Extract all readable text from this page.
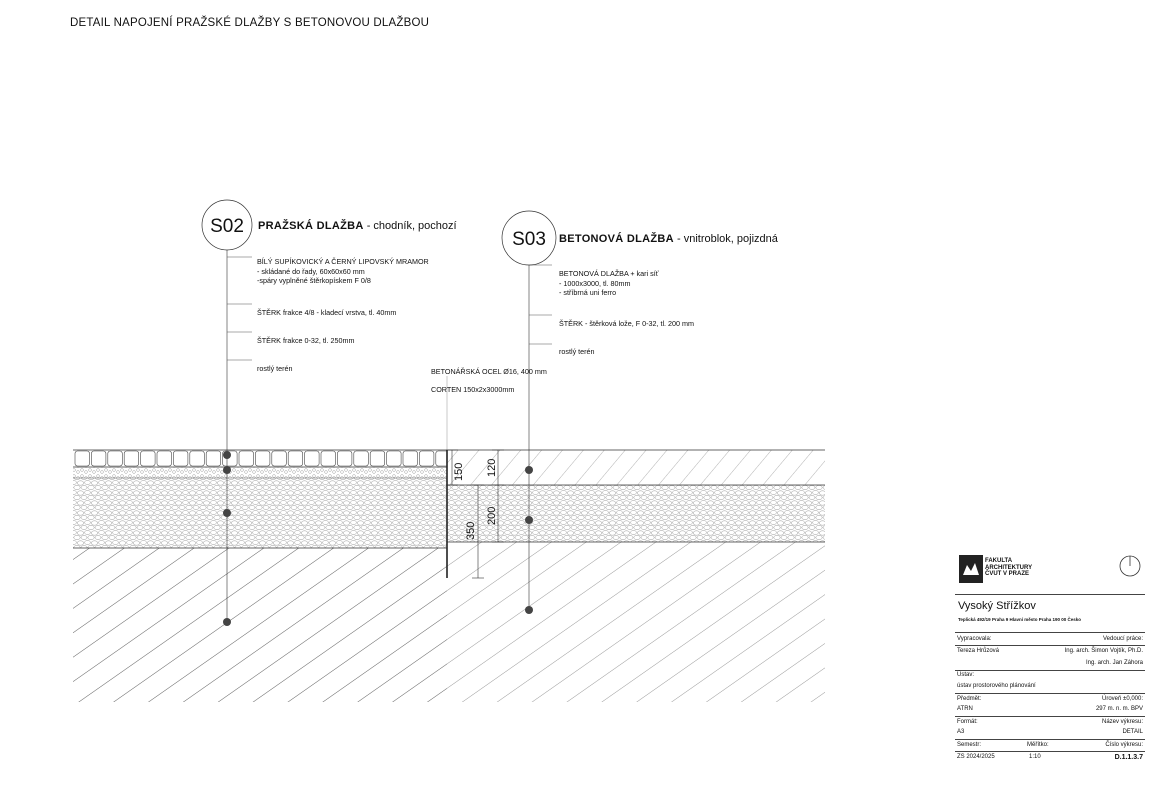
DETAIL NAPOJENÍ PRAŽSKÉ DLAŽBY S BETONOVOU DLAŽBOU
S02
S03
150
350
120
200
PRAŽSKÁ DLAŽBA - chodník, pochozí
BETONOVÁ DLAŽBA - vnitroblok, pojizdná
BÍLÝ SUPÍKOVICKÝ A ČERNÝ LIPOVSKÝ MRAMOR
- skládané do řady, 60x60x60 mm
-spáry vyplněné štěrkopískem F 0/8
ŠTĚRK frakce 4/8 - kladecí vrstva, tl. 40mm
ŠTĚRK frakce 0-32, tl. 250mm
rostlý terén
BETONOVÁ DLAŽBA + kari síť
- 1000x3000, tl. 80mm
- stříbrná uni ferro
ŠTĚRK - štěrková lože, F 0-32, tl. 200 mm
rostlý terén
BETONÁŘSKÁ OCEL Ø16, 400 mm
CORTEN 150x2x3000mm
FAKULTA
ARCHITEKTURY
ČVUT V PRAZE
Vysoký Střížkov
Teplická 492/19 Praha 9 Hlavní město Praha 190 00 Česko
Vypracovala:	Vedoucí práce:
Tereza Hrůzová	Ing. arch. Šimon Vojtík, Ph.D.
Ing. arch. Jan Záhora
Ústav:
ústav prostorového plánování
Předmět:	Úroveň ±0,000:
ATRN	297 m. n. m. BPV
Formát:	Název výkresu:
A3	DETAIL
Semestr:	Měřítko:	Číslo výkresu:
ZS 2024/2025	1:10	D.1.1.3.7
